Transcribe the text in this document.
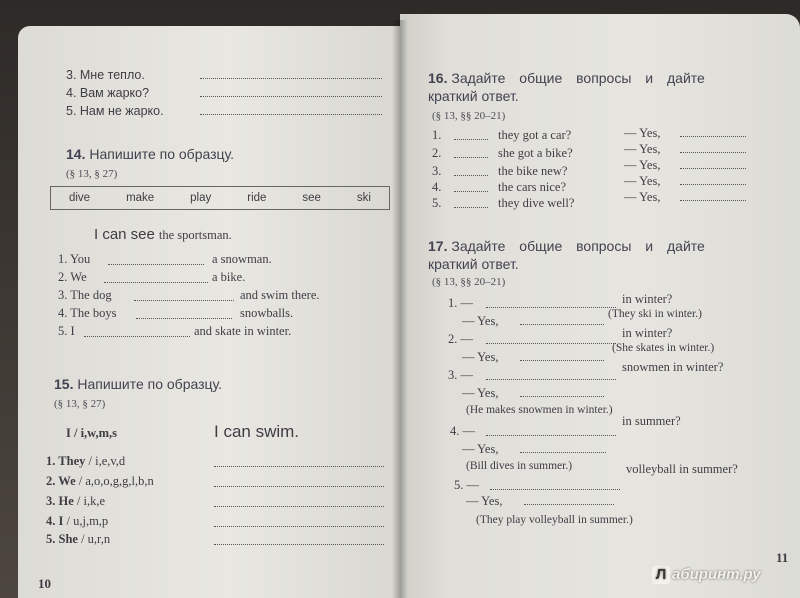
3. Мне тепло.
4. Вам жарко?
5. Нам не жарко.
14. Напишите по образцу.
(§ 13, § 27)
dive	make	play	ride	see	ski
I can see the sportsman.
1. You	a snowman.
2. We	a bike.
3. The dog	and swim there.
4. The boys	snowballs.
5. I	and skate in winter.
15. Напишите по образцу.
(§ 13, § 27)
I / i,w,m,s	I can swim.
1. They / i,e,v,d
2. We / a,o,o,g,g,l,b,n
3. He / i,k,e
4. I / u,j,m,p
5. She / u,r,n
10
16. Задайте общие вопросы и дайте
краткий ответ.
(§ 13, §§ 20–21)
1.	they got a car?	— Yes,
2.	she got a bike?	— Yes,
3.	the bike new?	— Yes,
4.	the cars nice?	— Yes,
5.	they dive well?	— Yes,
17. Задайте общие вопросы и дайте
краткий ответ.
(§ 13, §§ 20–21)
1. —	in winter?
— Yes,	(They ski in winter.)
2. —	in winter?
— Yes,
(She skates in winter.)
3. —
snowmen in winter?
— Yes,
(He makes snowmen in winter.)
4. —
in summer?
— Yes,
(Bill dives in summer.)
5. —
volleyball in summer?
— Yes,
(They play volleyball in summer.)
11
Л абиринт.ру
